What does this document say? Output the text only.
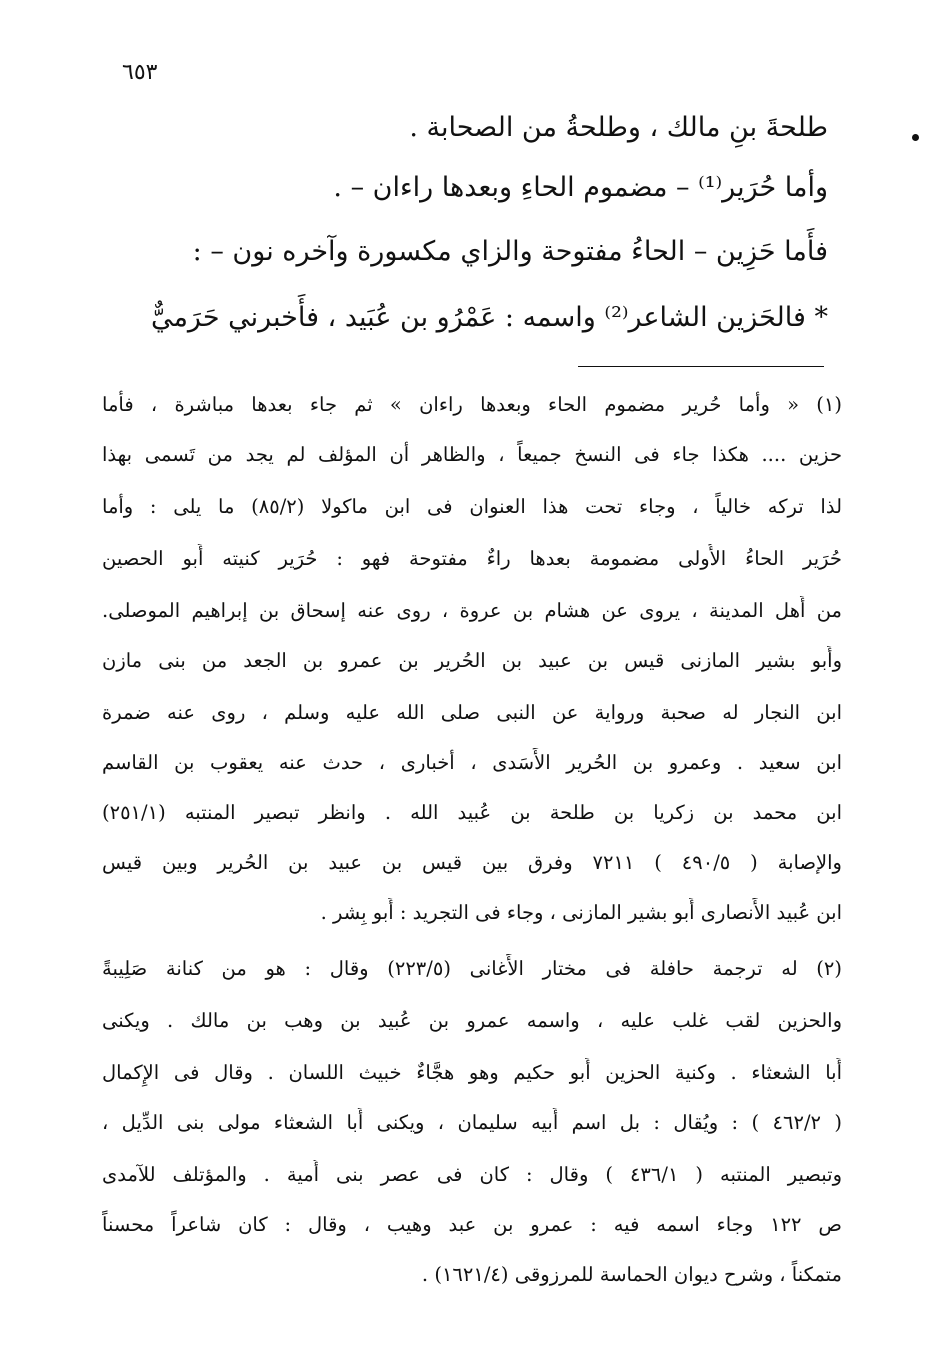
٦٥٣
طلحةَ بنِ مالك ، وطلحةُ من الصحابة .
وأما حُرَير⁽¹⁾ – مضموم الحاءِ وبعدها راءان – .
فأَما حَزِين – الحاءُ مفتوحة والزاي مكسورة وآخره نون – :
* فالحَزين الشاعر⁽²⁾ واسمه : عَمْرُو بن عُبَيد ، فأَخبرني حَرَميٌّ
(١) « وأما حُرير مضموم الحاء وبعدها راءان » ثم جاء بعدها مباشرة ، فأَما
حزين .... هكذا جاء فى النسخ جميعاً ، والظاهر أن المؤلف لم يجد من تَسمى بهذا
لذا تركه خالياً ، وجاء تحت هذا العنوان فى ابن ماكولا (٨٥/٢) ما يلى : وأما
حُرَير الحاءُ الأُولى مضمومة بعدها راءٌ مفتوحة فهو : حُرَير كنيته أَبو الحصين
من أَهل المدينة ، يروى عن هشام بن عروة ، روى عنه إسحاق بن إبراهيم الموصلى.
وأَبو بشير المازنى قيس بن عبيد بن الحُرير بن عمرو بن الجعد من بنى مازن
ابن النجار له صحبة ورواية عن النبى صلى الله عليه وسلم ، روى عنه ضمرة
ابن سعيد . وعمرو بن الحُرير الأَسَدى ، أخبارى ، حدث عنه يعقوب بن القاسم
ابن محمد بن زكريا بن طلحة بن عُبيد الله . وانظر تبصير المنتبه (٢٥١/١)
والإصابة ( ٤٩٠/٥ ) ٧٢١١ وفرق بين قيس بن عبيد بن الحُرير وبين قيس
ابن عُبيد الأَنصارى أَبو بشير المازنى ، وجاء فى التجريد : أَبو بِشر .
(٢) له ترجمة حافلة فى مختار الأَغانى (٢٢٣/٥) وقال : هو من كنانة صَلِيبةً
والحزين لقب غلب عليه ، واسمه عمرو بن عُبيد بن وهب بن مالك . ويكنى
أَبا الشعثاء . وكنية الحزين أَبو حكيم وهو هجَّاءٌ خبيث اللسان . وقال فى الإِكمال
( ٤٦٢/٢ ) : ويُقال : بل اسم أَبيه سليمان ، ويكنى أَبا الشعثاء مولى بنى الدِّيل ،
وتبصير المنتبه ( ٤٣٦/١ ) وقال : كان فى عصر بنى أُمية . والمؤتلف للآمدى
ص ١٢٢ وجاء اسمه فيه : عمرو بن عبد وهيب ، وقال : كان شاعراً محسناً
متمكناً ، وشرح ديوان الحماسة للمرزوقى (١٦٢١/٤) .
